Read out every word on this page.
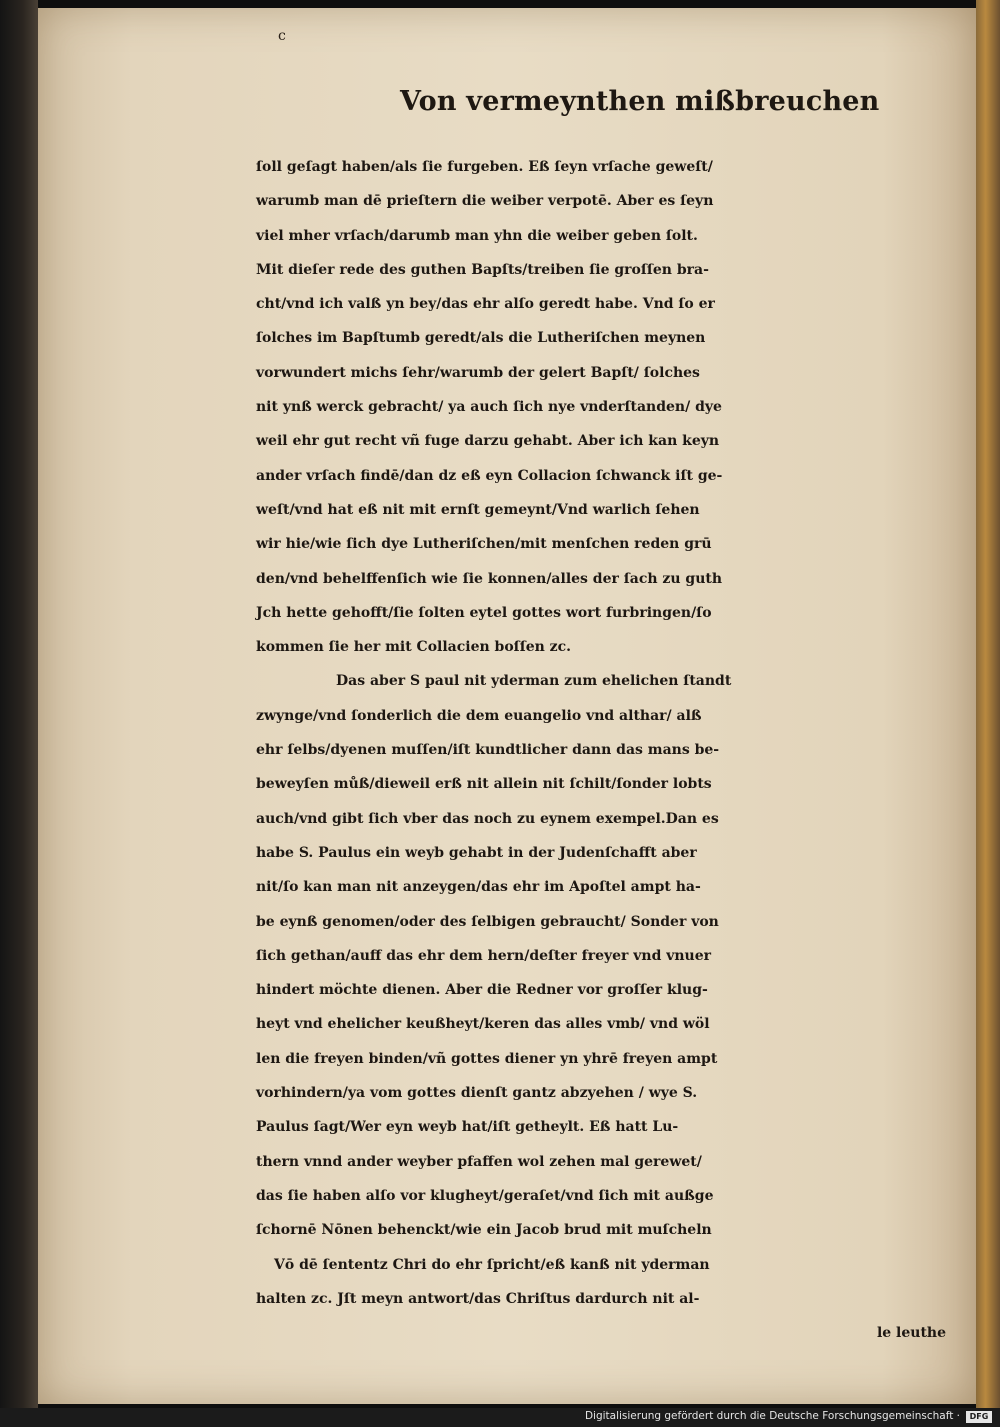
c
Von vermeynthen mißbreuchen
ſoll geſagt haben/als ſie furgeben. Eß ſeyn vrſache geweſt/
warumb man dē prieſtern die weiber verpotē. Aber es ſeyn
viel mher vrſach/darumb man yhn die weiber geben ſolt.
Mit dieſer rede des guthen Bapſts/treiben ſie groſſen bra-
cht/vnd ich valß yn bey/das ehr alſo geredt habe. Vnd ſo er
ſolches im Bapſtumb geredt/als die Lutheriſchen meynen
vorwundert michs ſehr/warumb der gelert Bapſt/ ſolches
nit ynß werck gebracht/ ya auch ſich nye vnderſtanden/ dye
weil ehr gut recht vñ fuge darzu gehabt. Aber ich kan keyn
ander vrſach findē/dan dz eß eyn Collacion ſchwanck iſt ge-
weſt/vnd hat eß nit mit ernſt gemeynt/Vnd warlich ſehen
wir hie/wie ſich dye Lutheriſchen/mit menſchen reden grū
den/vnd behelffenſich wie ſie konnen/alles der ſach zu guth
Jch hette gehofft/ſie ſolten eytel gottes wort furbringen/ſo
kommen ſie her mit Collacien boſſen zc.
Das aber S paul nit yderman zum ehelichen ſtandt
zwynge/vnd ſonderlich die dem euangelio vnd althar/ alß
ehr ſelbs/dyenen muſſen/iſt kundtlicher dann das mans be-
beweyſen můß/dieweil erß nit allein nit ſchilt/ſonder lobts
auch/vnd gibt ſich vber das noch zu eynem exempel.Dan es
habe S. Paulus ein weyb gehabt in der Judenſchafft aber
nit/ſo kan man nit anzeygen/das ehr im Apoſtel ampt ha-
be eynß genomen/oder des ſelbigen gebraucht/ Sonder von
ſich gethan/auff das ehr dem hern/deſter freyer vnd vnuer
hindert möchte dienen. Aber die Redner vor groſſer klug-
heyt vnd ehelicher keußheyt/keren das alles vmb/ vnd wöl
len die freyen binden/vñ gottes diener yn yhrē freyen ampt
vorhindern/ya vom gottes dienſt gantz abzyehen / wye S.
Paulus ſagt/Wer eyn weyb hat/iſt getheylt. Eß hatt Lu-
thern vnnd ander weyber pfaffen wol zehen mal gerewet/
das ſie haben alſo vor klugheyt/geraſet/vnd ſich mit außge
ſchornē Nōnen behenckt/wie ein Jacob brud mit muſcheln
Vō dē ſententz Chri do ehr ſpricht/eß kanß nit yderman
halten zc. Jſt meyn antwort/das Chriſtus dardurch nit al-
le leuthe
Digitalisierung gefördert durch die Deutsche Forschungsgemeinschaft ·	DFG
